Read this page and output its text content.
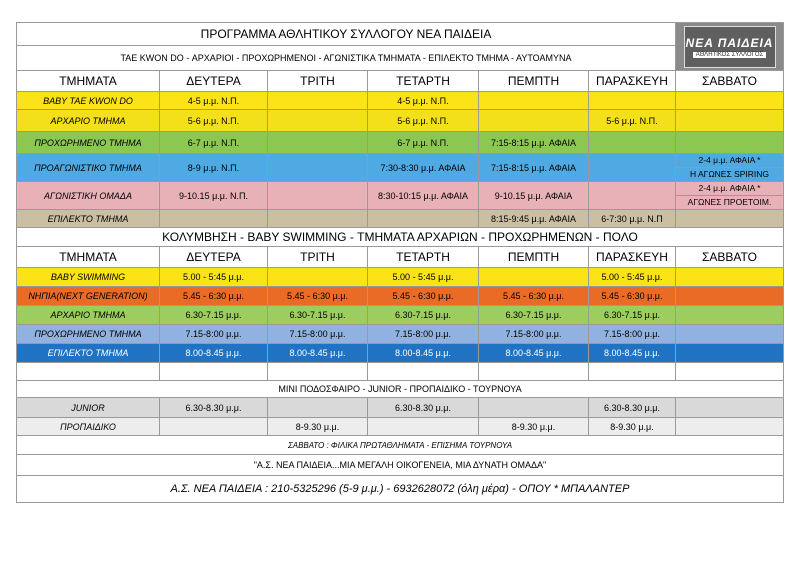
ΠΡΟΓΡΑΜΜΑ ΑΘΛΗΤΙΚΟΥ ΣΥΛΛΟΓΟΥ ΝΕΑ ΠΑΙΔΕΙΑ						ΝΕΑ ΠΑΙΔΕΙΑ
ΑΘΛΗΤΙΚΟΣ ΣΥΛΛΟΓΟΣ

TAE KWON DO - ΑΡΧΑΡΙΟΙ - ΠΡΟΧΩΡΗΜΕΝΟΙ - ΑΓΩΝΙΣΤΙΚΑ ΤΜΗΜΑΤΑ - ΕΠΙΛΕΚΤΟ ΤΜΗΜΑ - ΑΥΤΟΑΜΥΝΑ						
ΤΜΗΜΑΤΑ	ΔΕΥΤΕΡΑ	ΤΡΙΤΗ	ΤΕΤΑΡΤΗ	ΠΕΜΠΤΗ	ΠΑΡΑΣΚΕΥΗ	ΣΑΒΒΑΤΟ
BABY TAE KWON DO	4-5 μ.μ. Ν.Π.		4-5 μ.μ. Ν.Π.			
ΑΡΧΑΡΙΟ ΤΜΗΜΑ	5-6 μ.μ. Ν.Π.		5-6 μ.μ. Ν.Π.		5-6 μ.μ. Ν.Π.	
ΠΡΟΧΩΡΗΜΕΝΟ ΤΜΗΜΑ	6-7 μ.μ. Ν.Π.		6-7 μ.μ. Ν.Π.	7:15-8:15 μ.μ. ΑΦΑΙΑ		
ΠΡΟΑΓΩΝΙΣΤΙΚΟ ΤΜΗΜΑ	8-9 μ.μ. Ν.Π.		7:30-8:30 μ.μ. ΑΦΑΙΑ	7:15-8:15 μ.μ. ΑΦΑΙΑ		2-4 μ.μ. ΑΦΑΙΑ *
Η ΑΓΩΝΕΣ SPIRING

ΑΓΩΝΙΣΤΙΚΗ ΟΜΑΔΑ	9-10.15 μ.μ. Ν.Π.		8:30-10:15 μ.μ. ΑΦΑΙΑ	9-10.15 μ.μ. ΑΦΑΙΑ		2-4 μ.μ. ΑΦΑΙΑ *
ΑΓΩΝΕΣ ΠΡΟΕΤΟΙΜ.

ΕΠΙΛΕΚΤΟ ΤΜΗΜΑ				8:15-9:45 μ.μ. ΑΦΑΙΑ	6-7:30 μ.μ. Ν.Π	
ΚΟΛΥΜΒΗΣΗ - BABY SWIMMING - ΤΜΗΜΑΤΑ ΑΡΧΑΡΙΩΝ - ΠΡΟΧΩΡΗΜΕΝΩΝ - ΠΟΛΟ						
ΤΜΗΜΑΤΑ	ΔΕΥΤΕΡΑ	ΤΡΙΤΗ	ΤΕΤΑΡΤΗ	ΠΕΜΠΤΗ	ΠΑΡΑΣΚΕΥΗ	ΣΑΒΒΑΤΟ
BABY SWIMMING	5.00 - 5:45 μ.μ.		5.00 - 5:45 μ.μ.		5.00 - 5:45 μ.μ.	
ΝΗΠΙΑ(NEXT GENERATION)	5.45 - 6:30 μ.μ.	5.45 - 6:30 μ.μ.	5.45 - 6:30 μ.μ.	5.45 - 6:30 μ.μ.	5.45 - 6:30 μ.μ.	
ΑΡΧΑΡΙΟ ΤΜΗΜΑ	6.30-7.15 μ.μ.	6.30-7.15 μ.μ.	6.30-7.15 μ.μ.	6.30-7.15 μ.μ.	6.30-7.15 μ.μ.	
ΠΡΟΧΩΡΗΜΕΝΟ ΤΜΗΜΑ	7.15-8:00 μ.μ.	7.15-8:00 μ.μ.	7.15-8:00 μ.μ.	7.15-8:00 μ.μ.	7.15-8:00 μ.μ.	
ΕΠΙΛΕΚΤΟ ΤΜΗΜΑ	8.00-8.45 μ.μ.	8.00-8.45 μ.μ.	8.00-8.45 μ.μ.	8.00-8.45 μ.μ.	8.00-8.45 μ.μ.	

ΜΙΝΙ ΠΟΔΟΣΦΑΙΡΟ - JUNIOR - ΠΡΟΠΑΙΔΙΚΟ - ΤΟΥΡΝΟΥΑ						
JUNIOR	6.30-8.30 μ.μ.		6.30-8.30 μ.μ.		6.30-8.30 μ.μ.	
ΠΡΟΠΑΙΔΙΚΟ		8-9.30 μ.μ.		8-9.30 μ.μ.	8-9.30 μ.μ.	
ΣΑΒΒΑΤΟ : ΦΙΛΙΚΑ ΠΡΩΤΑΘΛΗΜΑΤΑ - ΕΠΙΣΗΜΑ ΤΟΥΡΝΟΥΑ						
"Α.Σ. ΝΕΑ ΠΑΙΔΕΙΑ...ΜΙΑ ΜΕΓΑΛΗ ΟΙΚΟΓΕΝΕΙΑ, ΜΙΑ ΔΥΝΑΤΗ ΟΜΑΔΑ"						
Α.Σ. ΝΕΑ ΠΑΙΔΕΙΑ : 210-5325296 (5-9 μ.μ.) - 6932628072 (όλη μέρα) - ΟΠΟΥ * ΜΠΑΛΑΝΤΕΡ						
